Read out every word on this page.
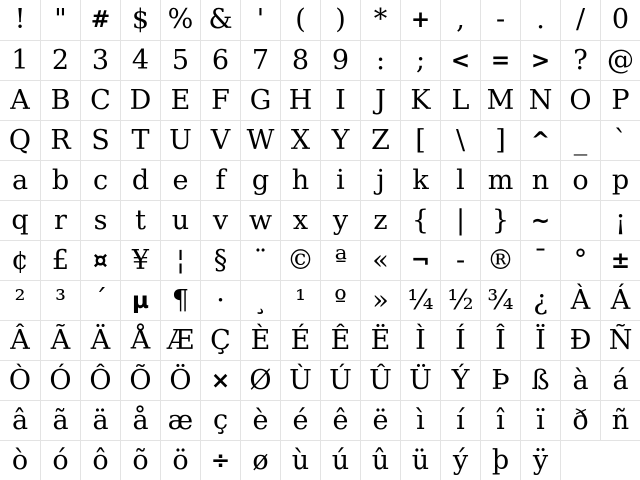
!	"	# $ % & '	(	)	*	+ ,	-	.	/ 0
1 2 3 4 5 6 7 8 9 :	;	< = > ? @
A B C D E F G H I	J K L M N O P
Q R S T U V W X Y Z [	\	]	^ _ `
a b c d e	f g h i	j	k	l m n o p
q r s	t u v w x y z { | } ~	¡
¢ £	¤ ¥ ¦	§ ¨ © ª « ¬ - ® ¯ °	±
²	³	´	µ ¶	·	¸	¹	º » ¼ ½ ¾ ¿ À Á
Â Ã Ä Å Æ Ç È É Ê Ë Ì	Í	Î	Ï Ð Ñ
Ò Ó Ô Õ Ö × Ø Ù Ú Û Ü Ý Þ ß à á
â ã ä å æ ç è é ê ë	ì	í	î	ï	ð ñ
ò ó ô õ ö ÷ ø ù ú û ü ý þ ÿ
